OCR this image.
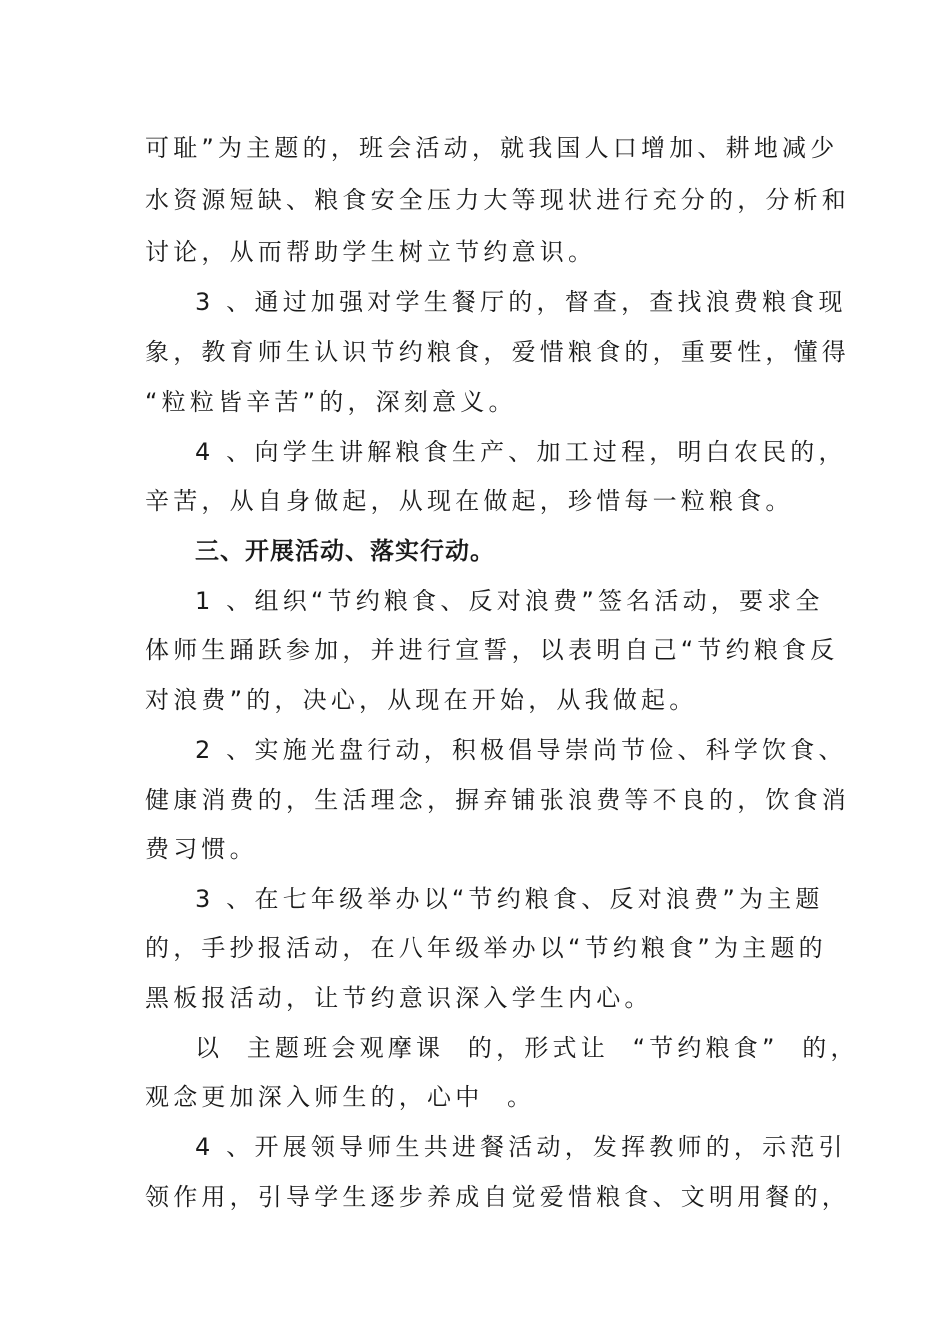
可耻”为主题的，班会活动，就我国人口增加、耕地减少
水资源短缺、粮食安全压力大等现状进行充分的，分析和
讨论，从而帮助学生树立节约意识。
3 、通过加强对学生餐厅的，督查，查找浪费粮食现
象，教育师生认识节约粮食，爱惜粮食的，重要性，懂得
“粒粒皆辛苦”的，深刻意义。
4 、向学生讲解粮食生产、加工过程，明白农民的，
辛苦，从自身做起，从现在做起，珍惜每一粒粮食。
三、开展活动、落实行动。
1 、组织“节约粮食、反对浪费”签名活动，要求全
体师生踊跃参加，并进行宣誓，以表明自己“节约粮食反
对浪费”的，决心，从现在开始，从我做起。
2 、实施光盘行动，积极倡导崇尚节俭、科学饮食、
健康消费的，生活理念，摒弃铺张浪费等不良的，饮食消
费习惯。
3 、在七年级举办以“节约粮食、反对浪费”为主题
的，手抄报活动，在八年级举办以“节约粮食”为主题的
黑板报活动，让节约意识深入学生内心。
以  主题班会观摩课  的，形式让  “节约粮食”  的，
观念更加深入师生的，心中  。
4 、开展领导师生共进餐活动，发挥教师的，示范引
领作用，引导学生逐步养成自觉爱惜粮食、文明用餐的，
